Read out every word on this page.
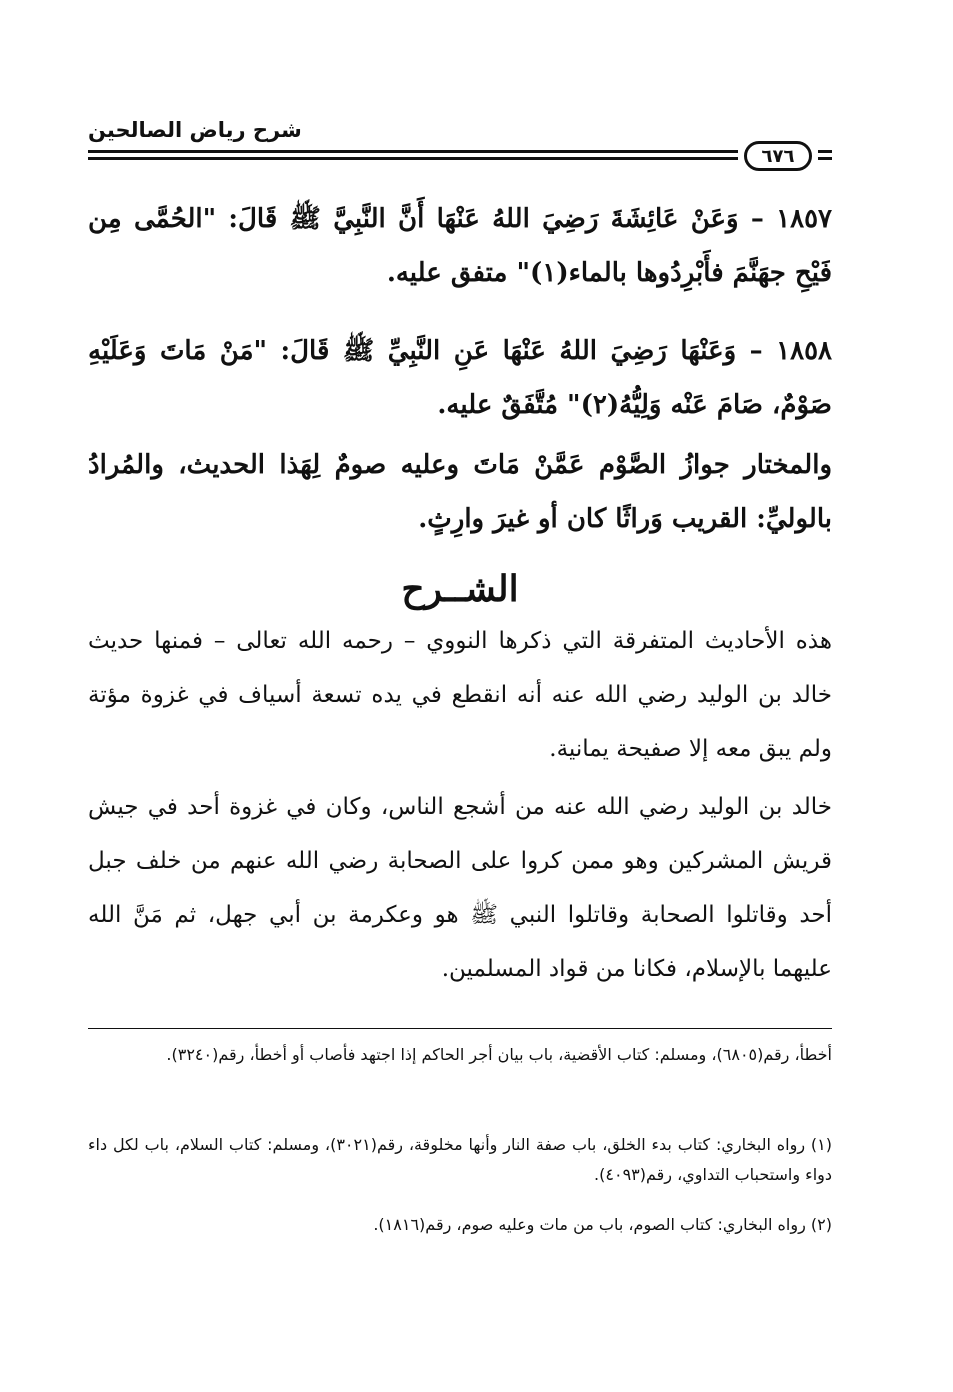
شرح رياض الصالحين
٦٧٦
١٨٥٧ – وَعَنْ عَائِشَةَ رَضِيَ اللهُ عَنْهَا أَنَّ النَّبِيَّ ﷺ قَالَ: "الحُمَّى مِن فَيْحِ جهَنَّمَ فأَبْرِدُوها بالماء(١)" متفق عليه.
١٨٥٨ – وَعَنْهَا رَضِيَ اللهُ عَنْهَا عَنِ النَّبِيِّ ﷺ قَالَ: "مَنْ مَاتَ وَعَلَيْهِ صَوْمٌ، صَامَ عَنْه وَلِيُّهُ(٢)" مُتَّفَقٌ عليه.
والمختار جوازُ الصَّوْم عَمَّنْ مَاتَ وعليه صومٌ لِهَذا الحديث، والمُرادُ بالوليِّ: القريب وَراثًا كان أو غيرَ وارِثٍ.
الشــرح
هذه الأحاديث المتفرقة التي ذكرها النووي – رحمه الله تعالى – فمنها حديث خالد بن الوليد رضي الله عنه أنه انقطع في يده تسعة أسياف في غزوة مؤتة ولم يبق معه إلا صفيحة يمانية.
خالد بن الوليد رضي الله عنه من أشجع الناس، وكان في غزوة أحد في جيش قريش المشركين وهو ممن كروا على الصحابة رضي الله عنهم من خلف جبل أحد وقاتلوا الصحابة وقاتلوا النبي ﷺ هو وعكرمة بن أبي جهل، ثم مَنَّ الله عليهما بالإسلام، فكانا من قواد المسلمين.
أخطأ، رقم(٦٨٠٥)، ومسلم: كتاب الأقضية، باب بيان أجر الحاكم إذا اجتهد فأصاب أو أخطأ، رقم(٣٢٤٠).
(١) رواه البخاري: كتاب بدء الخلق، باب صفة النار وأنها مخلوقة، رقم(٣٠٢١)، ومسلم: كتاب السلام، باب لكل داء دواء واستحباب التداوي، رقم(٤٠٩٣).
(٢) رواه البخاري: كتاب الصوم، باب من مات وعليه صوم، رقم(١٨١٦).
